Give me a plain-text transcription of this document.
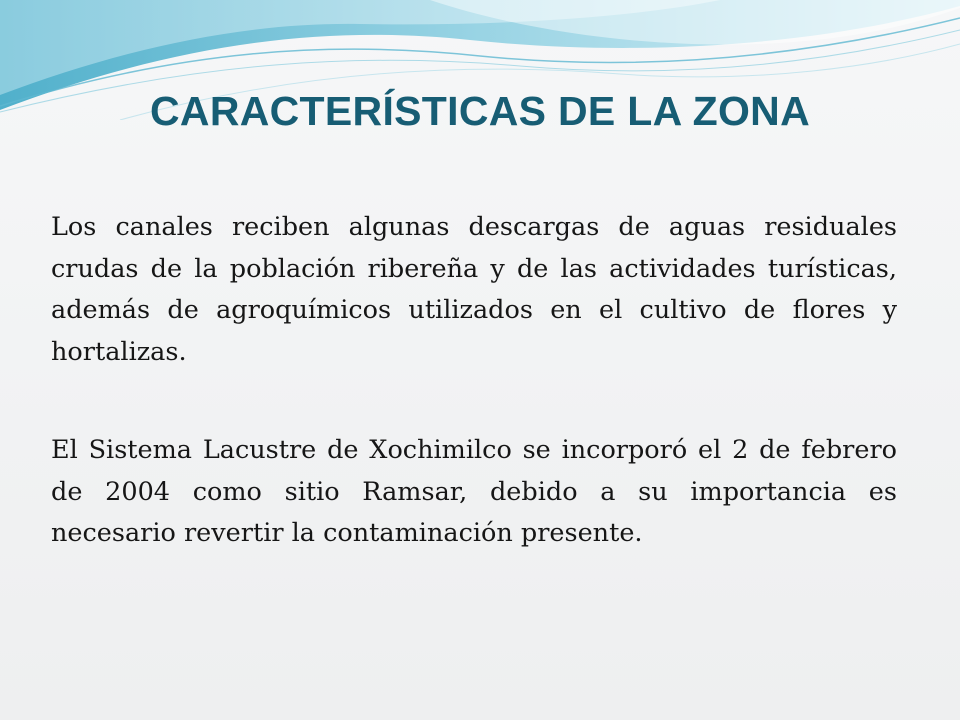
CARACTERÍSTICAS DE LA ZONA

Los canales reciben algunas descargas de aguas residuales crudas de la población ribereña y de las actividades turísticas, además de agroquímicos utilizados en el cultivo de flores y hortalizas.

El Sistema Lacustre de Xochimilco se incorporó el 2 de febrero de 2004 como sitio Ramsar, debido a su importancia es necesario revertir la contaminación presente.
